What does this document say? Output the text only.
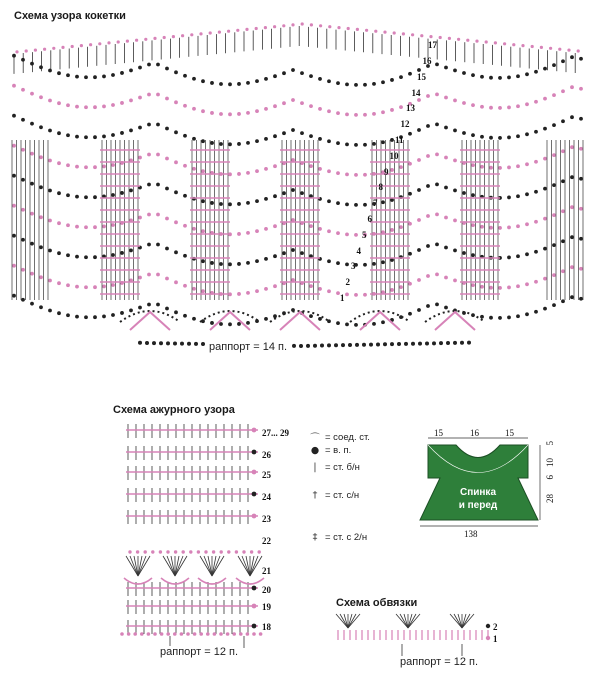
Схема узора кокетки
раппорт = 14 п.
1
2
3
4
5
6
7
8
9
10
11
12
13
14
15
16
17
Схема ажурного узора
раппорт = 12 п.
27... 29
26
25
24
23
22
21
20
19
18
⌒ = соед. ст.
● = в. п.
| = ст. б/н
† = ст. с/н
‡ = ст. с 2/н
Спинка
и перед
15	16	15
5
10
6
28
138
Схема обвязки
раппорт = 12 п.
2
1
